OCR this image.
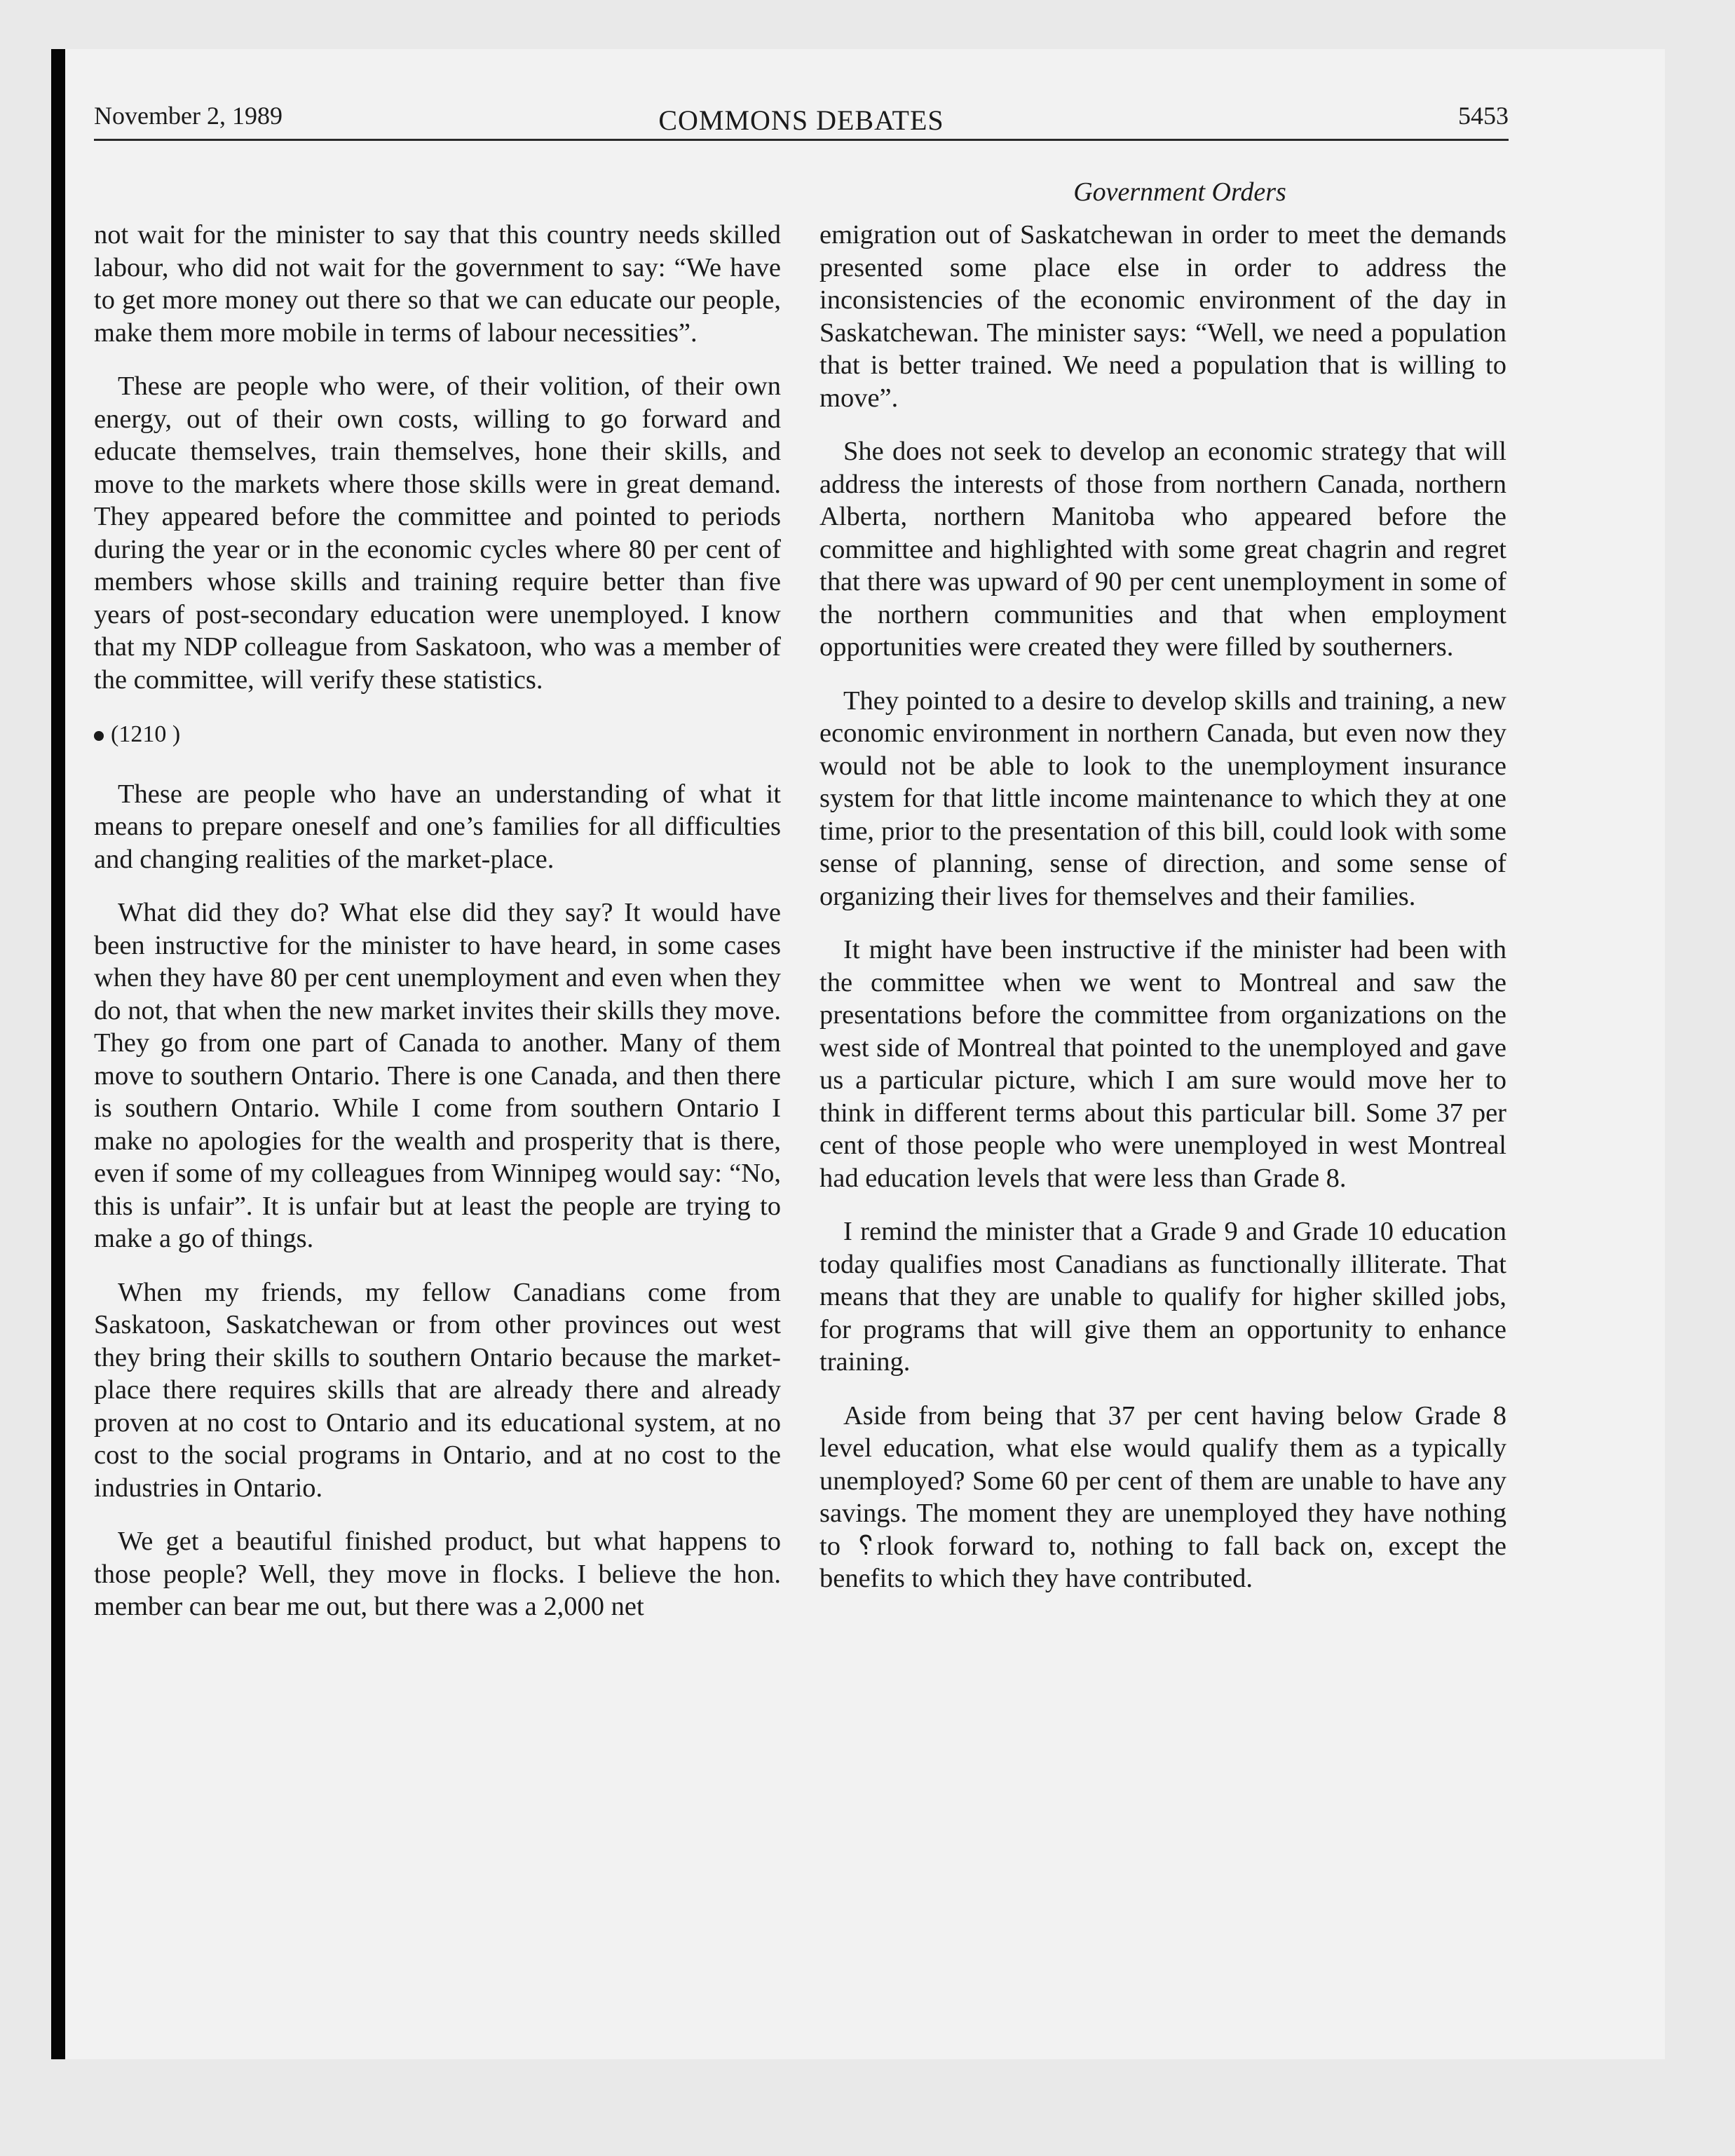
November 2, 1989	COMMONS DEBATES	5453
Government Orders

not wait for the minister to say that this country needs skilled labour, who did not wait for the government to say: “We have to get more money out there so that we can educate our people, make them more mobile in terms of labour necessities”.

These are people who were, of their volition, of their own energy, out of their own costs, willing to go forward and educate themselves, train themselves, hone their skills, and move to the markets where those skills were in great demand. They appeared before the committee and pointed to periods during the year or in the economic cycles where 80 per cent of members whose skills and training require better than five years of post-secondary education were unemployed. I know that my NDP colleague from Saskatoon, who was a member of the committee, will verify these statistics.

(1210 )

These are people who have an understanding of what it means to prepare oneself and one’s families for all difficulties and changing realities of the market-place.

What did they do? What else did they say? It would have been instructive for the minister to have heard, in some cases when they have 80 per cent unemployment and even when they do not, that when the new market invites their skills they move. They go from one part of Canada to another. Many of them move to southern Ontario. There is one Canada, and then there is southern Ontario. While I come from southern Ontario I make no apologies for the wealth and prosperity that is there, even if some of my colleagues from Winnipeg would say: “No, this is unfair”. It is unfair but at least the people are trying to make a go of things.

When my friends, my fellow Canadians come from Saskatoon, Saskatchewan or from other provinces out west they bring their skills to southern Ontario because the market-place there requires skills that are already there and already proven at no cost to Ontario and its educational system, at no cost to the social programs in Ontario, and at no cost to the industries in Ontario.

We get a beautiful finished product, but what happens to those people? Well, they move in flocks. I believe the hon. member can bear me out, but there was a 2,000 net

emigration out of Saskatchewan in order to meet the demands presented some place else in order to address the inconsistencies of the economic environment of the day in Saskatchewan. The minister says: “Well, we need a population that is better trained. We need a population that is willing to move”.

She does not seek to develop an economic strategy that will address the interests of those from northern Canada, northern Alberta, northern Manitoba who appeared before the committee and highlighted with some great chagrin and regret that there was upward of 90 per cent unemployment in some of the northern communities and that when employment opportunities were created they were filled by southerners.

They pointed to a desire to develop skills and training, a new economic environment in northern Canada, but even now they would not be able to look to the unemployment insurance system for that little income maintenance to which they at one time, prior to the presentation of this bill, could look with some sense of planning, sense of direction, and some sense of organizing their lives for themselves and their families.

It might have been instructive if the minister had been with the committee when we went to Montreal and saw the presentations before the committee from organizations on the west side of Montreal that pointed to the unemployed and gave us a particular picture, which I am sure would move her to think in different terms about this particular bill. Some 37 per cent of those people who were unemployed in west Montreal had education levels that were less than Grade 8.

I remind the minister that a Grade 9 and Grade 10 education today qualifies most Canadians as functionally illiterate. That means that they are unable to qualify for higher skilled jobs, for programs that will give them an opportunity to enhance training.

Aside from being that 37 per cent having below Grade 8 level education, what else would qualify them as a typically unemployed? Some 60 per cent of them are unable to have any savings. The moment they are unemployed they have nothing to ␦rlook forward to, nothing to fall back on, except the benefits to which they have contributed.
